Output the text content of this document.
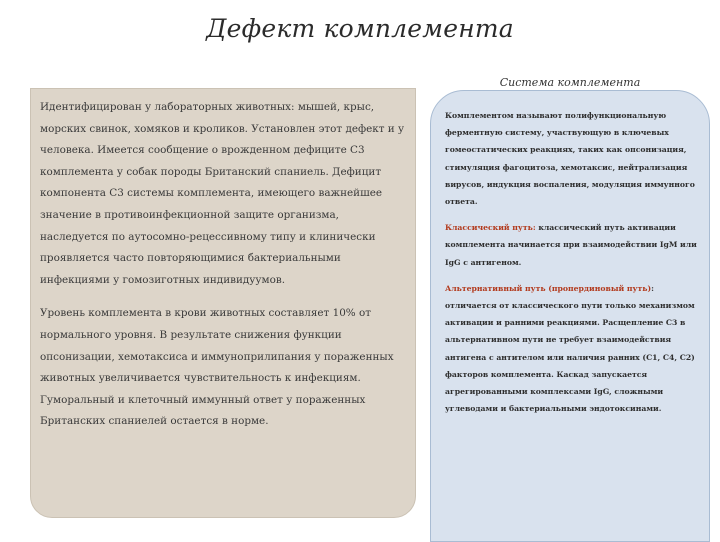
Дефект комплемента

Идентифицирован у лабораторных животных: мышей, крыс, морских свинок, хомяков и кроликов. Установлен этот дефект и у человека. Имеется сообщение о врожденном дефиците С3 комплемента у собак породы Британский спаниель. Дефицит компонента С3 системы комплемента, имеющего важнейшее значение в противоинфекционной защите организма, наследуется по аутосомно-рецессивному типу и клинически проявляется часто повторяющимися бактериальными инфекциями у гомозиготных индивидуумов.

Уровень комплемента в крови животных составляет 10% от нормального уровня. В результате снижения функции опсонизации, хемотаксиса и иммуноприлипания у пораженных животных увеличивается чувствительность к инфекциям. Гуморальный и клеточный иммунный ответ у пораженных Британских спаниелей остается в норме.

Система комплемента

Комплементом называют полифункциональную ферментную систему, участвующую в ключевых гомеостатических реакциях, таких как опсонизация, стимуляция фагоцитоза, хемотаксис, нейтрализация вирусов, индукция воспаления, модуляция иммунного ответа.

Классический путь: классический путь активации комплемента начинается при взаимодействии IgM или IgG с антигеном.

Альтернативный путь (пропердиновый путь): отличается от классического пути только механизмом активации и ранними реакциями. Расщепление С3 в альтернативном пути не требует взаимодействия антигена с антителом или наличия ранних (С1, С4, С2) факторов комплемента. Каскад запускается агрегированными комплексами IgG, сложными углеводами и бактериальными эндотоксинами.
